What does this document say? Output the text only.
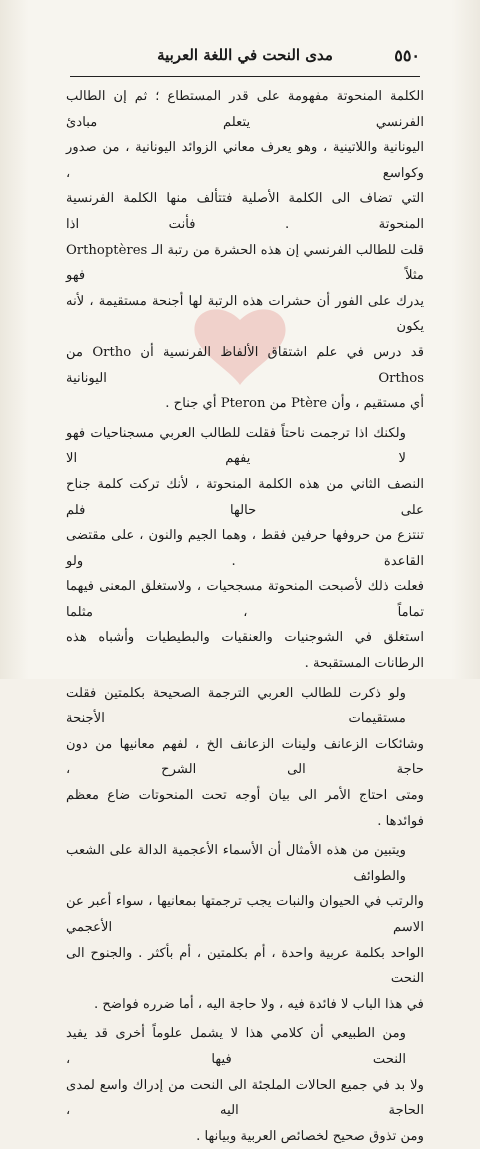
٥٥٠
مدى النحت في اللغة العربية

الكلمة المنحوتة مفهومة على قدر المستطاع ؛ ثم إن الطالب الفرنسي يتعلم مبادئ
اليونانية واللاتينية ، وهو يعرف معاني الزوائد اليونانية ، من صدور وكواسع ،
التي تضاف الى الكلمة الأصلية فتتألف منها الكلمة الفرنسية المنحوتة . فأنت اذا
قلت للطالب الفرنسي إن هذه الحشرة من رتبة الـ Orthoptères مثلاً فهو
يدرك على الفور أن حشرات هذه الرتبة لها أجنحة مستقيمة ، لأنه يكون
قد درس في علم اشتقاق الألفاظ الفرنسية أن Ortho من Orthos اليونانية
أي مستقيم ، وأن Ptère من Pteron أي جناح .

ولكنك اذا ترجمت ناحتاً فقلت للطالب العربي مسجناحيات فهو لا يفهم الا
النصف الثاني من هذه الكلمة المنحوتة ، لأنك تركت كلمة جناح على حالها فلم
تنتزع من حروفها حرفين فقط ، وهما الجيم والنون ، على مقتضى القاعدة . ولو
فعلت ذلك لأصبحت المنحوتة مسجحيات ، ولاستغلق المعنى فيهما تماماً ، مثلما
استغلق في الشوجنيات والعنقيات والبطيطيات وأشباه هذه الرطانات المستقبحة .

ولو ذكرت للطالب العربي الترجمة الصحيحة بكلمتين فقلت مستقيمات الأجنحة
وشائكات الزعانف ولينات الزعانف الخ ، لفهم معانيها من دون حاجة الى الشرح ،
ومتى احتاج الأمر الى بيان أوجه تحت المنحوتات ضاع معظم فوائدها .

ويتبين من هذه الأمثال أن الأسماء الأعجمية الدالة على الشعب والطوائف
والرتب في الحيوان والنبات يجب ترجمتها بمعانيها ، سواء أعبر عن الاسم الأعجمي
الواحد بكلمة عربية واحدة ، أم بكلمتين ، أم بأكثر . والجنوح الى النحت
في هذا الباب لا فائدة فيه ، ولا حاجة اليه ، أما ضرره فواضح .

ومن الطبيعي أن كلامي هذا لا يشمل علوماً أخرى قد يفيد النحت فيها ،
ولا بد في جميع الحالات الملجئة الى النحت من إدراك واسع لمدى الحاجة اليه ،
ومن تذوق صحيح لخصائص العربية وبيانها .
